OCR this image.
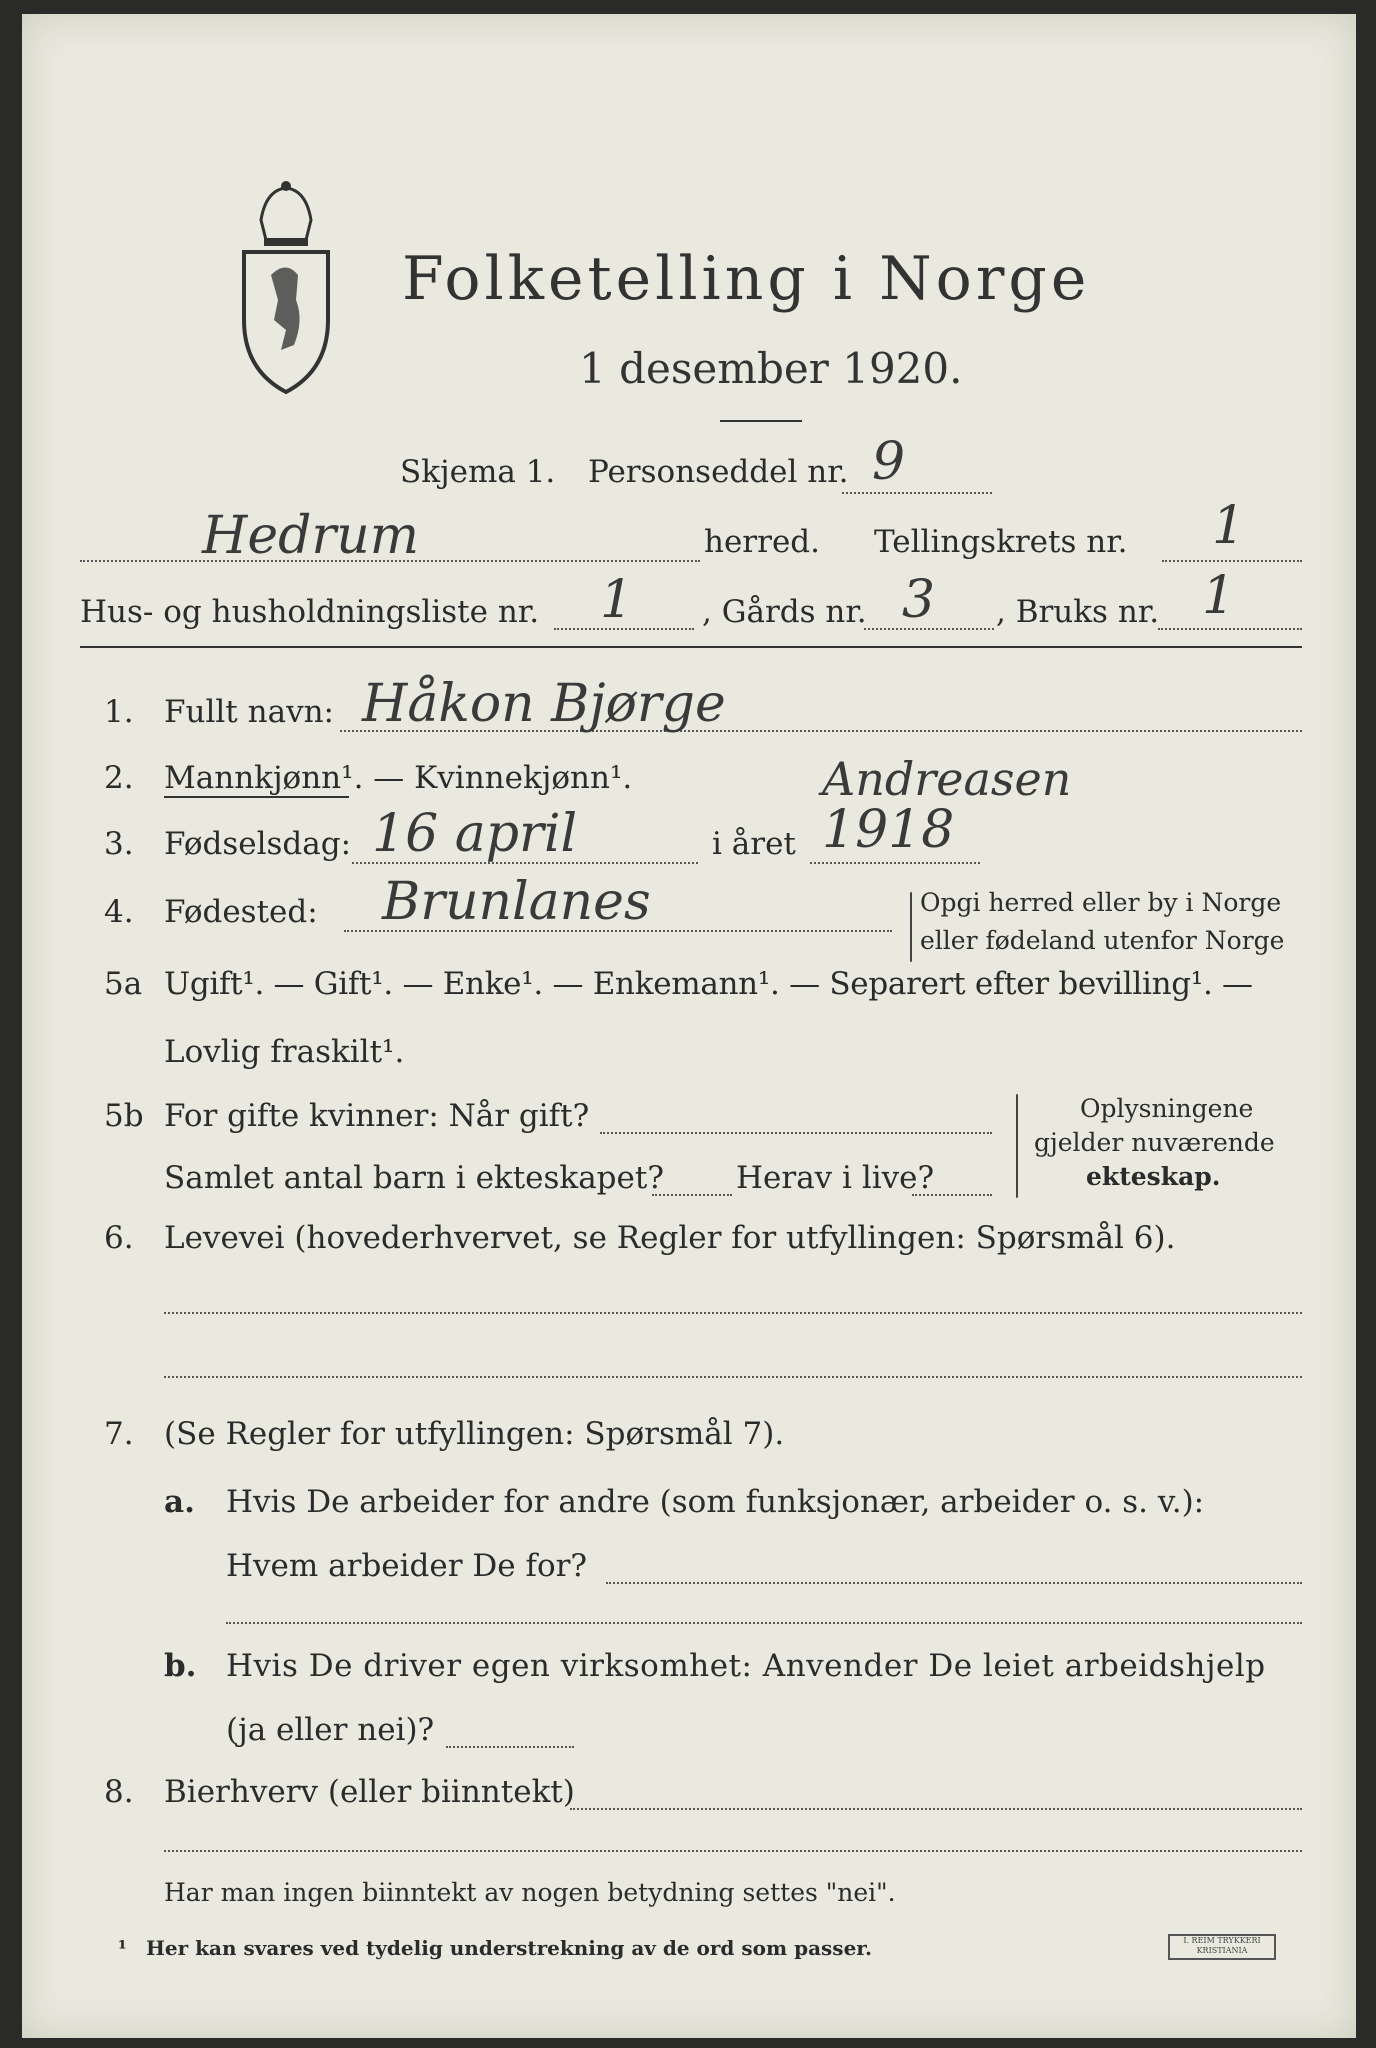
Folketelling i Norge
1 desember 1920.
Skjema 1. Personseddel nr. 9
Hedrum	herred. Tellingskrets nr. 1
Hus- og husholdningsliste nr. 1 , Gårds nr. 3 , Bruks nr. 1
1. Fullt navn: Håkon Bjørge
Andreasen
2. Mannkjønn¹. — Kvinnekjønn¹.
3. Fødselsdag: 16 april	i året 1918
4. Fødested: Brunlanes	Opgi herred eller by i Norge
eller fødeland utenfor Norge
5a Ugift¹. — Gift¹. — Enke¹. — Enkemann¹. — Separert efter bevilling¹. —
Lovlig fraskilt¹.
5b For gifte kvinner: Når gift?
Samlet antal barn i ekteskapet? Herav i live?
Oplysningene
gjelder nuværende
ekteskap.
6. Levevei (hovederhvervet, se Regler for utfyllingen: Spørsmål 6).
7. (Se Regler for utfyllingen: Spørsmål 7).
a. Hvis De arbeider for andre (som funksjonær, arbeider o. s. v.):
Hvem arbeider De for?
b. Hvis De driver egen virksomhet: Anvender De leiet arbeidshjelp
(ja eller nei)?
8. Bierhverv (eller biinntekt)
Har man ingen biinntekt av nogen betydning settes "nei".
¹ Her kan svares ved tydelig understrekning av de ord som passer.	I. REIM TRYKKERI KRISTIANIA
